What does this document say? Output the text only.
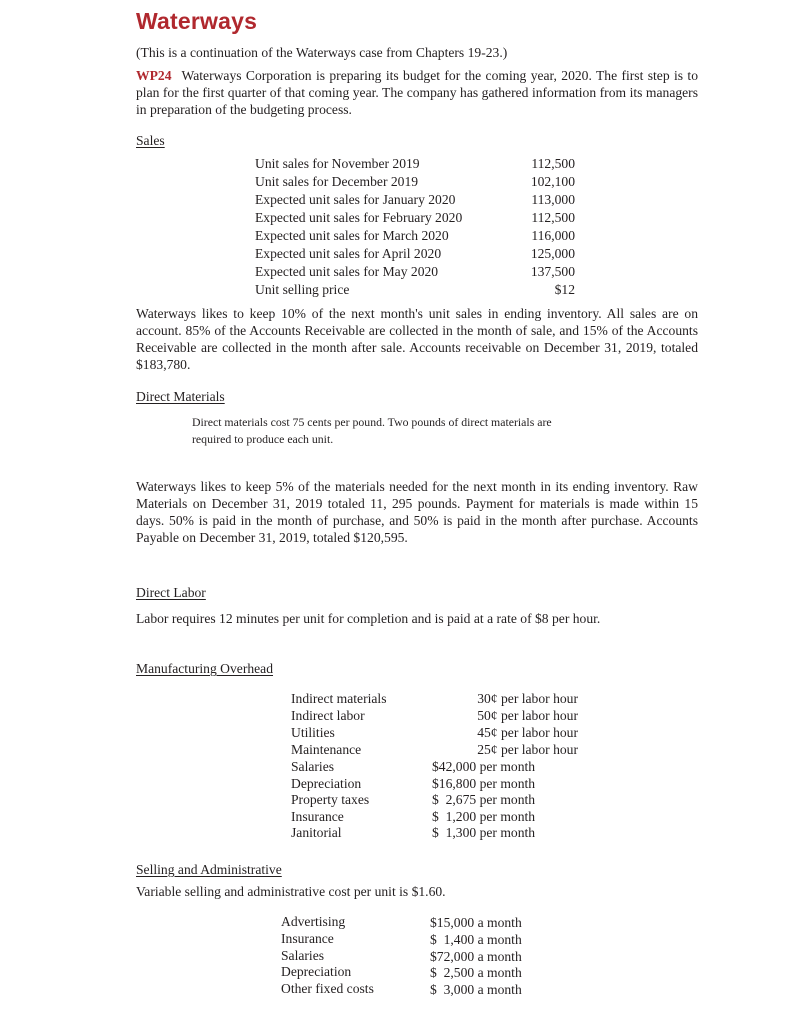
Waterways
(This is a continuation of the Waterways case from Chapters 19-23.)
WP24 Waterways Corporation is preparing its budget for the coming year, 2020. The first step is to plan for the first quarter of that coming year. The company has gathered information from its managers in preparation of the budgeting process.
Sales
Unit sales for November 2019	112,500
Unit sales for December 2019	102,100
Expected unit sales for January 2020	113,000
Expected unit sales for February 2020	112,500
Expected unit sales for March 2020	116,000
Expected unit sales for April 2020	125,000
Expected unit sales for May 2020	137,500
Unit selling price	$12
Waterways likes to keep 10% of the next month's unit sales in ending inventory. All sales are on account. 85% of the Accounts Receivable are collected in the month of sale, and 15% of the Accounts Receivable are collected in the month after sale. Accounts receivable on December 31, 2019, totaled $183,780.
Direct Materials
Direct materials cost 75 cents per pound. Two pounds of direct materials are
required to produce each unit.
Waterways likes to keep 5% of the materials needed for the next month in its ending inventory. Raw Materials on December 31, 2019 totaled 11, 295 pounds. Payment for materials is made within 15 days. 50% is paid in the month of purchase, and 50% is paid in the month after purchase. Accounts Payable on December 31, 2019, totaled $120,595.
Direct Labor
Labor requires 12 minutes per unit for completion and is paid at a rate of $8 per hour.
Manufacturing Overhead
Indirect materials	30¢ per labor hour
Indirect labor	50¢ per labor hour
Utilities	45¢ per labor hour
Maintenance	25¢ per labor hour
Salaries	$42,000 per month
Depreciation	$16,800 per month
Property taxes	$  2,675 per month
Insurance	$  1,200 per month
Janitorial	$  1,300 per month
Selling and Administrative
Variable selling and administrative cost per unit is $1.60.
Advertising	$15,000 a month
Insurance	$  1,400 a month
Salaries	$72,000 a month
Depreciation	$  2,500 a month
Other fixed costs	$  3,000 a month
